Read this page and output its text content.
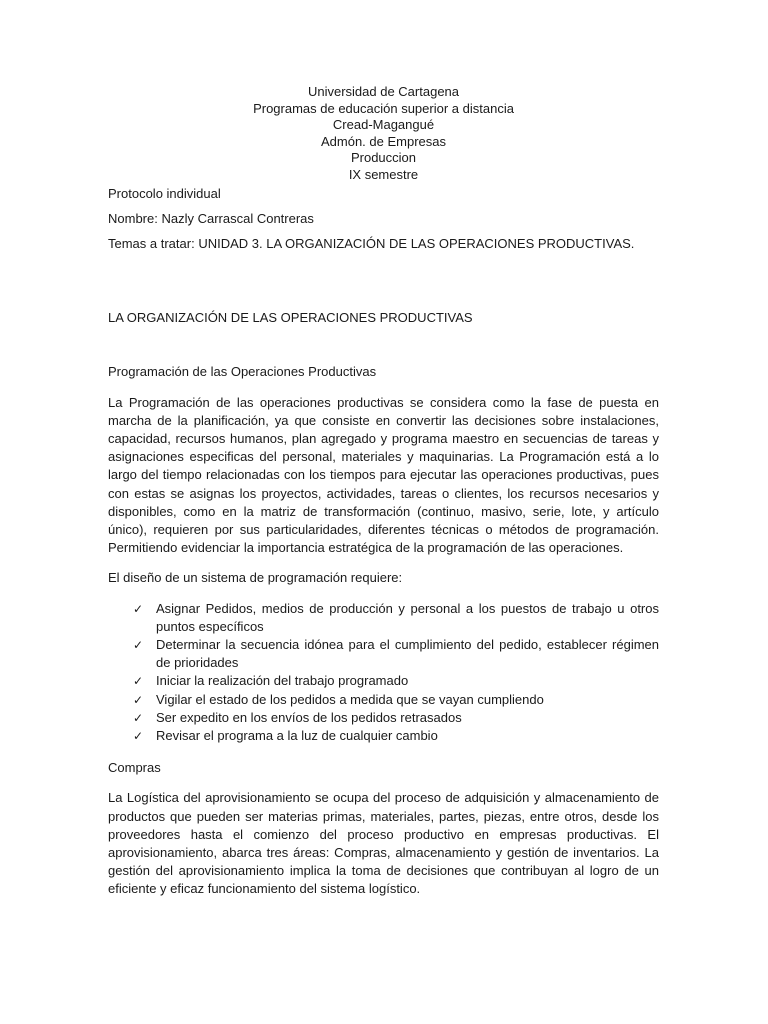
Universidad de Cartagena
Programas de educación superior a distancia
Cread-Magangué
Admón. de Empresas
Produccion
IX semestre
Protocolo individual
Nombre: Nazly Carrascal Contreras
Temas a tratar: UNIDAD 3. LA ORGANIZACIÓN DE LAS OPERACIONES PRODUCTIVAS.
LA ORGANIZACIÓN DE LAS OPERACIONES PRODUCTIVAS
Programación de las Operaciones Productivas

La Programación de las operaciones productivas se considera como la fase de puesta en marcha de la planificación, ya que consiste en convertir las decisiones sobre instalaciones, capacidad, recursos humanos, plan agregado y programa maestro en secuencias de tareas y asignaciones especificas del personal, materiales y maquinarias. La Programación está a lo largo del tiempo relacionadas con los tiempos para ejecutar las operaciones productivas, pues con estas se asignas los proyectos, actividades, tareas o clientes, los recursos necesarios y disponibles, como en la matriz de transformación (continuo, masivo, serie, lote, y artículo único), requieren por sus particularidades, diferentes técnicas o métodos de programación. Permitiendo evidenciar la importancia estratégica de la programación de las operaciones.

El diseño de un sistema de programación requiere:

✓ Asignar Pedidos, medios de producción y personal a los puestos de trabajo u otros puntos específicos
✓ Determinar la secuencia idónea para el cumplimiento del pedido, establecer régimen de prioridades
✓ Iniciar la realización del trabajo programado
✓ Vigilar el estado de los pedidos a medida que se vayan cumpliendo
✓ Ser expedito en los envíos de los pedidos retrasados
✓ Revisar el programa a la luz de cualquier cambio
Compras

La Logística del aprovisionamiento se ocupa del proceso de adquisición y almacenamiento de productos que pueden ser materias primas, materiales, partes, piezas, entre otros, desde los proveedores hasta el comienzo del proceso productivo en empresas productivas. El aprovisionamiento, abarca tres áreas: Compras, almacenamiento y gestión de inventarios. La gestión del aprovisionamiento implica la toma de decisiones que contribuyan al logro de un eficiente y eficaz funcionamiento del sistema logístico.
